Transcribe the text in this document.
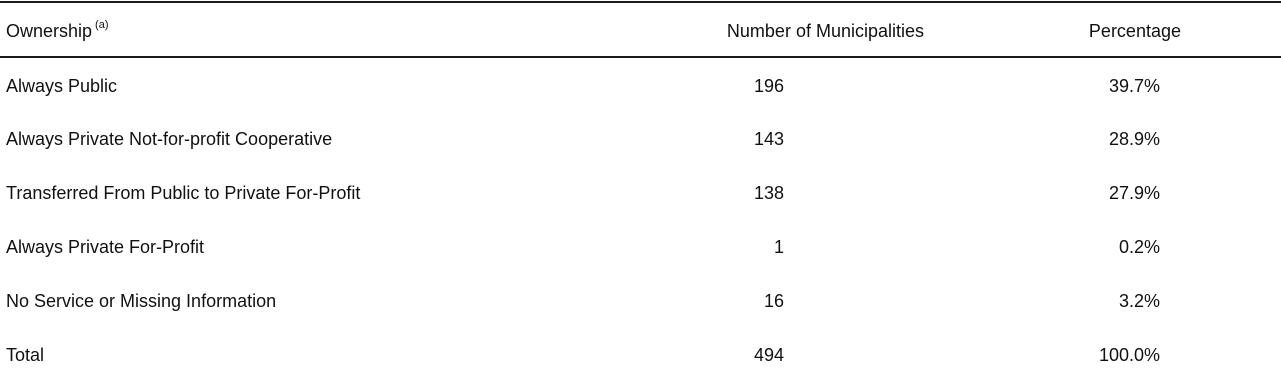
Ownership $^{(a)}$	Number of Municipalities	Percentage
Always Public	196	39.7%
Always Private Not-for-profit Cooperative	143	28.9%
Transferred From Public to Private For-Profit	138	27.9%
Always Private For-Profit	1	0.2%
No Service or Missing Information	16	3.2%
Total	494	100.0%
